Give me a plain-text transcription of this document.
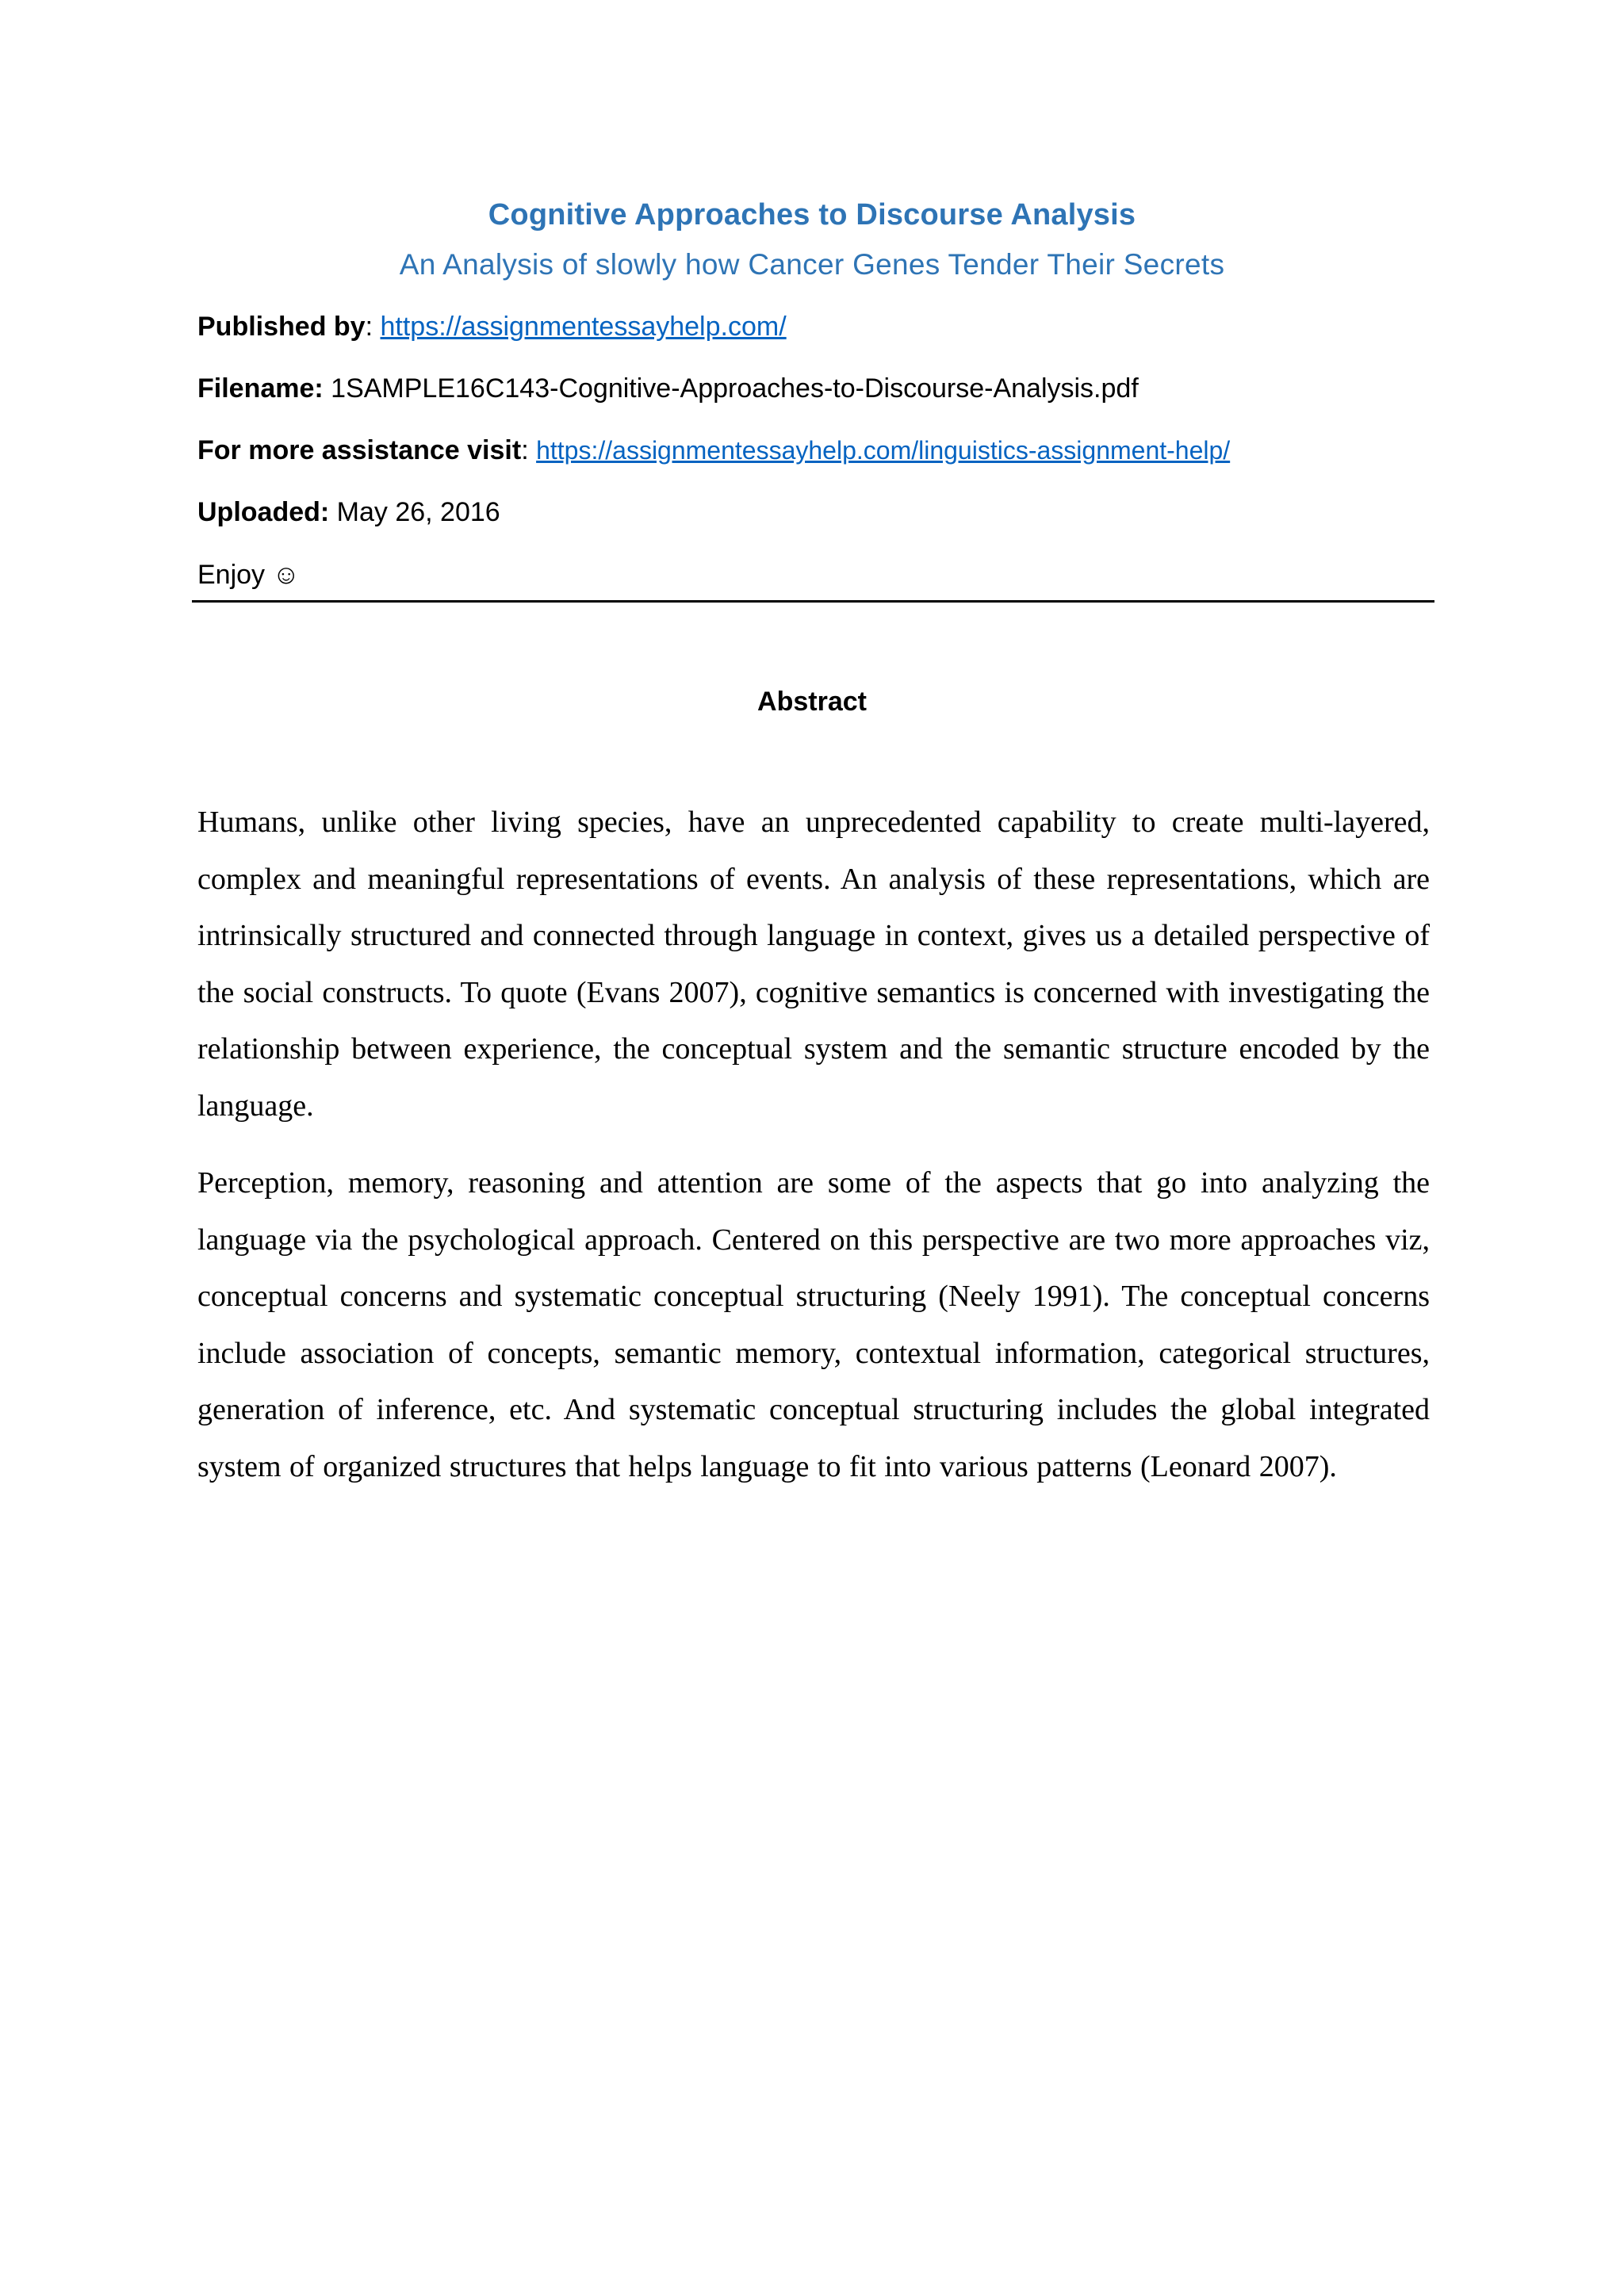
Cognitive Approaches to Discourse Analysis
An Analysis of slowly how Cancer Genes Tender Their Secrets
Published by: https://assignmentessayhelp.com/
Filename: 1SAMPLE16C143-Cognitive-Approaches-to-Discourse-Analysis.pdf
For more assistance visit: https://assignmentessayhelp.com/linguistics-assignment-help/
Uploaded: May 26, 2016
Enjoy ☺
Abstract
Humans, unlike other living species, have an unprecedented capability to create multi-layered, complex and meaningful representations of events. An analysis of these representations, which are intrinsically structured and connected through language in context, gives us a detailed perspective of the social constructs. To quote (Evans 2007), cognitive semantics is concerned with investigating the relationship between experience, the conceptual system and the semantic structure encoded by the language.
Perception, memory, reasoning and attention are some of the aspects that go into analyzing the language via the psychological approach. Centered on this perspective are two more approaches viz, conceptual concerns and systematic conceptual structuring (Neely 1991). The conceptual concerns include association of concepts, semantic memory, contextual information, categorical structures, generation of inference, etc. And systematic conceptual structuring includes the global integrated system of organized structures that helps language to fit into various patterns (Leonard 2007).
